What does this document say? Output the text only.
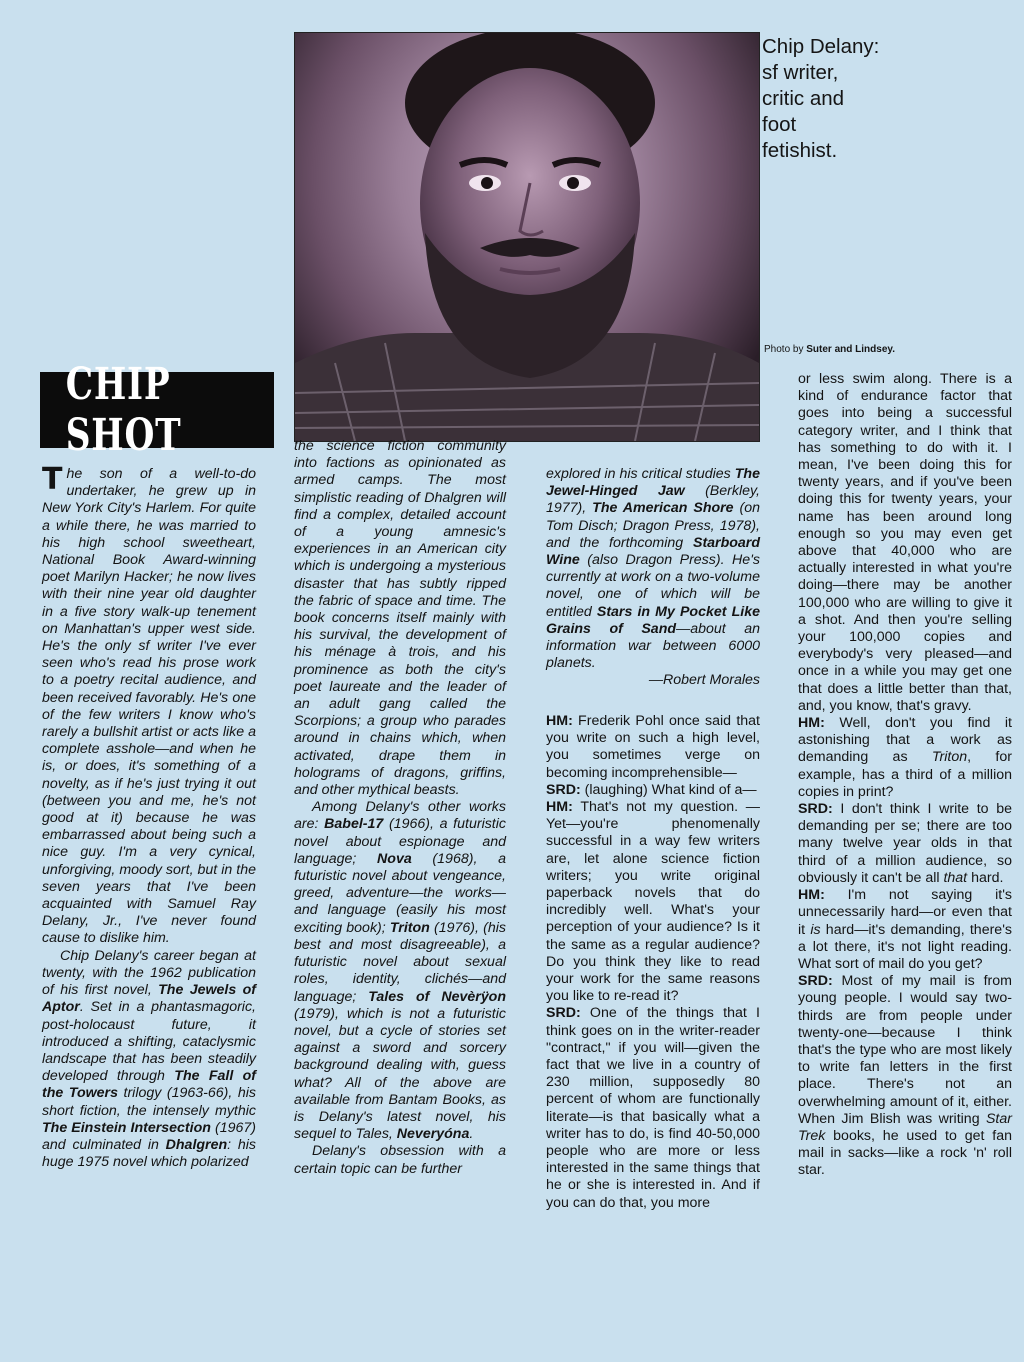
Chip Delany:
sf writer,
critic and
foot
fetishist.
Photo by Suter and Lindsey.
CHIP SHOT

The son of a well-to-do undertaker, he grew up in New York City's Harlem. For quite a while there, he was married to his high school sweetheart, National Book Award-winning poet Marilyn Hacker; he now lives with their nine year old daughter in a five story walk-up tenement on Manhattan's upper west side. He's the only sf writer I've ever seen who's read his prose work to a poetry recital audience, and been received favorably. He's one of the few writers I know who's rarely a bullshit artist or acts like a complete asshole—and when he is, or does, it's something of a novelty, as if he's just trying it out (between you and me, he's not good at it) because he was embarrassed about being such a nice guy. I'm a very cynical, unforgiving, moody sort, but in the seven years that I've been acquainted with Samuel Ray Delany, Jr., I've never found cause to dislike him.

Chip Delany's career began at twenty, with the 1962 publication of his first novel, The Jewels of Aptor. Set in a phantasmagoric, post-holocaust future, it introduced a shifting, cataclysmic landscape that has been steadily developed through The Fall of the Towers trilogy (1963-66), his short fiction, the intensely mythic The Einstein Intersection (1967) and culminated in Dhalgren: his huge 1975 novel which polarized

the science fiction community into factions as opinionated as armed camps. The most simplistic reading of Dhalgren will find a complex, detailed account of a young amnesic's experiences in an American city which is undergoing a mysterious disaster that has subtly ripped the fabric of space and time. The book concerns itself mainly with his survival, the development of his ménage à trois, and his prominence as both the city's poet laureate and the leader of an adult gang called the Scorpions; a group who parades around in chains which, when activated, drape them in holograms of dragons, griffins, and other mythical beasts.

Among Delany's other works are: Babel-17 (1966), a futuristic novel about espionage and language; Nova (1968), a futuristic novel about vengeance, greed, adventure—the works—and language (easily his most exciting book); Triton (1976), (his best and most disagreeable), a futuristic novel about sexual roles, identity, clichés—and language; Tales of Nevèrÿon (1979), which is not a futuristic novel, but a cycle of stories set against a sword and sorcery background dealing with, guess what? All of the above are available from Bantam Books, as is Delany's latest novel, his sequel to Tales, Neveryóna.

Delany's obsession with a certain topic can be further

explored in his critical studies The Jewel-Hinged Jaw (Berkley, 1977), The American Shore (on Tom Disch; Dragon Press, 1978), and the forthcoming Starboard Wine (also Dragon Press). He's currently at work on a two-volume novel, one of which will be entitled Stars in My Pocket Like Grains of Sand—about an information war between 6000 planets.

—Robert Morales

HM: Frederik Pohl once said that you write on such a high level, you sometimes verge on becoming incomprehensible—

SRD: (laughing) What kind of a—

HM: That's not my question. —Yet—you're phenomenally successful in a way few writers are, let alone science fiction writers; you write original paperback novels that do incredibly well. What's your perception of your audience? Is it the same as a regular audience? Do you think they like to read your work for the same reasons you like to re-read it?

SRD: One of the things that I think goes on in the writer-reader "contract," if you will—given the fact that we live in a country of 230 million, supposedly 80 percent of whom are functionally literate—is that basically what a writer has to do, is find 40-50,000 people who are more or less interested in the same things that he or she is interested in. And if you can do that, you more

or less swim along. There is a kind of endurance factor that goes into being a successful category writer, and I think that has something to do with it. I mean, I've been doing this for twenty years, and if you've been doing this for twenty years, your name has been around long enough so you may even get above that 40,000 who are actually interested in what you're doing—there may be another 100,000 who are willing to give it a shot. And then you're selling your 100,000 copies and everybody's very pleased—and once in a while you may get one that does a little better than that, and, you know, that's gravy.

HM: Well, don't you find it astonishing that a work as demanding as Triton, for example, has a third of a million copies in print?

SRD: I don't think I write to be demanding per se; there are too many twelve year olds in that third of a million audience, so obviously it can't be all that hard.

HM: I'm not saying it's unnecessarily hard—or even that it is hard—it's demanding, there's a lot there, it's not light reading. What sort of mail do you get?

SRD: Most of my mail is from young people. I would say two-thirds are from people under twenty-one—because I think that's the type who are most likely to write fan letters in the first place. There's not an overwhelming amount of it, either. When Jim Blish was writing Star Trek books, he used to get fan mail in sacks—like a rock 'n' roll star.
